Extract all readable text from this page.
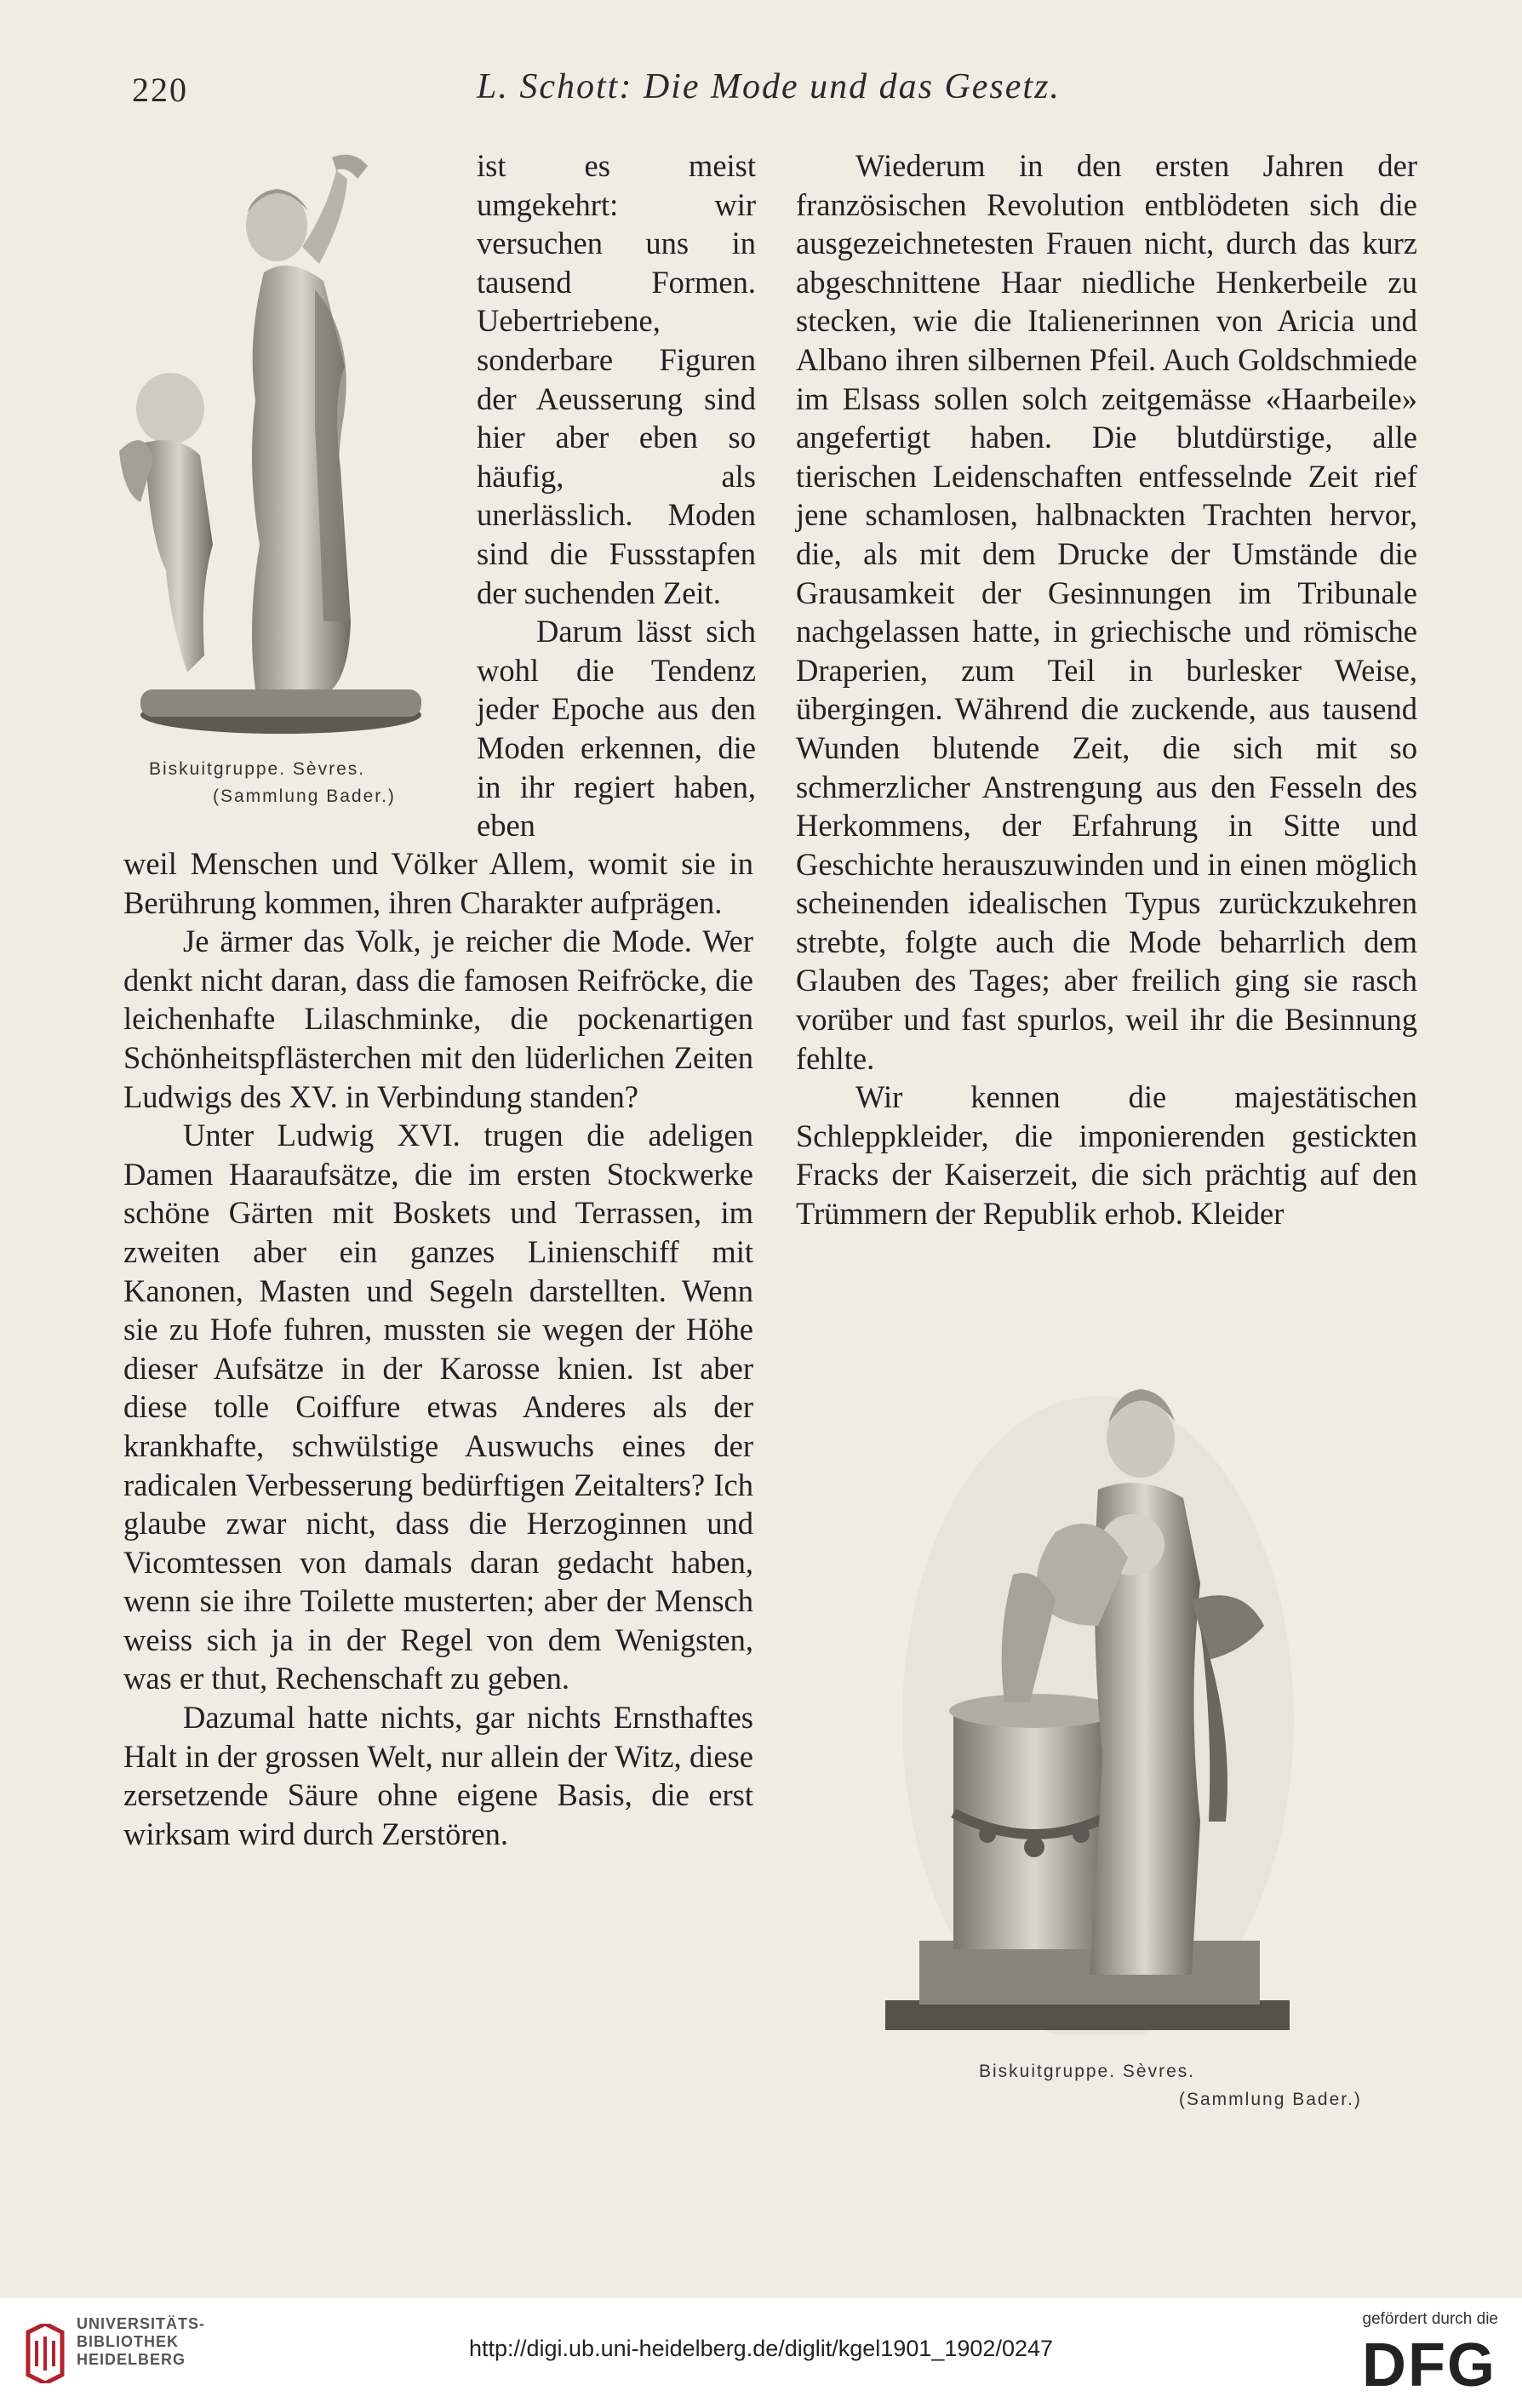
220	L. Schott: Die Mode und das Gesetz.
Biskuitgruppe. Sèvres.
(Sammlung Bader.)

ist es meist umgekehrt: wir versuchen uns in tausend Formen. Uebertriebene, sonderbare Figuren der Aeusserung sind hier aber eben so häufig, als unerlässlich. Moden sind die Fussstapfen der suchenden Zeit.

Darum lässt sich wohl die Tendenz jeder Epoche aus den Moden erkennen, die in ihr regiert haben, eben

weil Menschen und Völker Allem, womit sie in Berührung kommen, ihren Charakter aufprägen.

Je ärmer das Volk, je reicher die Mode. Wer denkt nicht daran, dass die famosen Reifröcke, die leichenhafte Lilaschminke, die pockenartigen Schönheitspflästerchen mit den lüderlichen Zeiten Ludwigs des XV. in Verbindung standen?

Unter Ludwig XVI. trugen die adeligen Damen Haaraufsätze, die im ersten Stockwerke schöne Gärten mit Boskets und Terrassen, im zweiten aber ein ganzes Linienschiff mit Kanonen, Masten und Segeln darstellten. Wenn sie zu Hofe fuhren, mussten sie wegen der Höhe dieser Aufsätze in der Karosse knien. Ist aber diese tolle Coiffure etwas Anderes als der krankhafte, schwülstige Auswuchs eines der radicalen Verbesserung bedürftigen Zeitalters? Ich glaube zwar nicht, dass die Herzoginnen und Vicomtessen von damals daran gedacht haben, wenn sie ihre Toilette musterten; aber der Mensch weiss sich ja in der Regel von dem Wenigsten, was er thut, Rechenschaft zu geben.

Dazumal hatte nichts, gar nichts Ernsthaftes Halt in der grossen Welt, nur allein der Witz, diese zersetzende Säure ohne eigene Basis, die erst wirksam wird durch Zerstören.

Wiederum in den ersten Jahren der französischen Revolution entblödeten sich die ausgezeichnetesten Frauen nicht, durch das kurz abgeschnittene Haar niedliche Henkerbeile zu stecken, wie die Italienerinnen von Aricia und Albano ihren silbernen Pfeil. Auch Goldschmiede im Elsass sollen solch zeitgemässe «Haarbeile» angefertigt haben. Die blutdürstige, alle tierischen Leidenschaften entfesselnde Zeit rief jene schamlosen, halbnackten Trachten hervor, die, als mit dem Drucke der Umstände die Grausamkeit der Gesinnungen im Tribunale nachgelassen hatte, in griechische und römische Draperien, zum Teil in burlesker Weise, übergingen. Während die zuckende, aus tausend Wunden blutende Zeit, die sich mit so schmerzlicher Anstrengung aus den Fesseln des Herkommens, der Erfahrung in Sitte und Geschichte herauszuwinden und in einen möglich scheinenden idealischen Typus zurückzukehren strebte, folgte auch die Mode beharrlich dem Glauben des Tages; aber freilich ging sie rasch vorüber und fast spurlos, weil ihr die Besinnung fehlte.

Wir kennen die majestätischen Schleppkleider, die imponierenden gestickten Fracks der Kaiserzeit, die sich prächtig auf den Trümmern der Republik erhob. Kleider

Biskuitgruppe. Sèvres.
(Sammlung Bader.)
UNIVERSITÄTS-
BIBLIOTHEK
HEIDELBERG	http://digi.ub.uni-heidelberg.de/diglit/kgel1901_1902/0247
gefördert durch die
DFG
